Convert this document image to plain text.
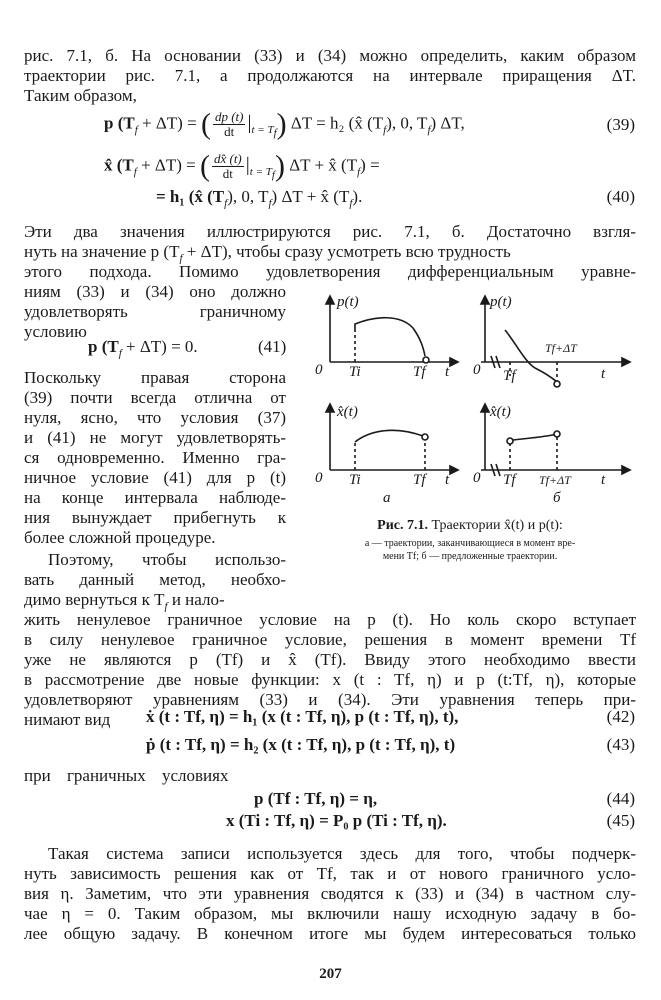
рис. 7.1, б. На основании (33) и (34) можно определить, каким образом
траектории рис. 7.1, а продолжаются на интервале приращения ΔT.
Таким образом,
p $(T_f + \Delta T)$ = ( $\frac{dp (t)}{dt} |_{t = T_f}$) ΔT = h₂ (x̂ $(T_f)$, 0, $T_f$) ΔT,	(39)
x̂ $(T_f + \Delta T)$ = ( $\frac{dx̂ (t)}{dt} |_{t = T_f}$) ΔT + x̂ $(T_f)$ =
= h₁ (x̂ $(T_f)$, 0, $T_f$) ΔT + x̂ $(T_f)$.	(40)
Эти два значения иллюстрируются рис. 7.1, б. Достаточно взгля-
нуть на значение p $(T_f + \Delta T)$, чтобы сразу усмотреть всю трудность
этого подхода. Помимо удовлетворения дифференциальным уравне-
ниям (33) и (34) оно должно
удовлетворять граничному
условию
p $(T_f + \Delta T) = 0$.	(41)
Поскольку правая сторона
(39) почти всегда отлична от
нуля, ясно, что условия (37)
и (41) не могут удовлетворять-
ся одновременно. Именно гра-
ничное условие (41) для p (t)
на конце интервала наблюде-
ния вынуждает прибегнуть к
более сложной процедуре.
Поэтому, чтобы использо-
вать данный метод, необхо-
димо вернуться к $T_f$ и нало-
p(t)
0 Ti	Tf t
p(t)
0 Tf
Tf+ΔT
t
x̂(t)
0 Ti	Tf t
а
x̂(t)
0 Tf Tf+ΔT t
б
Рис. 7.1. Траектории x̂(t) и p(t):
а — траектории, заканчивающиеся в момент вре-
мени Tf; б — предложенные траектории.
жить ненулевое граничное условие на p (t). Но коль скоро вступает
в силу ненулевое граничное условие, решения в момент времени Tf
уже не являются p (Tf) и x̂ (Tf). Ввиду этого необходимо ввести
в рассмотрение две новые функции: x (t : Tf, η) и p (t:Tf, η), которые
удовлетворяют уравнениям (33) и (34). Эти уравнения теперь при-
нимают вид	ẋ (t : Tf, η) = h₁ (x (t : Tf, η), p (t : Tf, η), t),	(42)
ṗ (t : Tf, η) = h₂ (x (t : Tf, η), p (t : Tf, η), t)	(43)
при граничных условиях
p (Tf : Tf, η) = η,	(44)
x (Ti : Tf, η) = P₀ p (Ti : Tf, η).	(45)
Такая система записи используется здесь для того, чтобы подчерк-
нуть зависимость решения как от Tf, так и от нового граничного усло-
вия η. Заметим, что эти уравнения сводятся к (33) и (34) в частном слу-
чае η = 0. Таким образом, мы включили нашу исходную задачу в бо-
лее общую задачу. В конечном итоге мы будем интересоваться только
207
